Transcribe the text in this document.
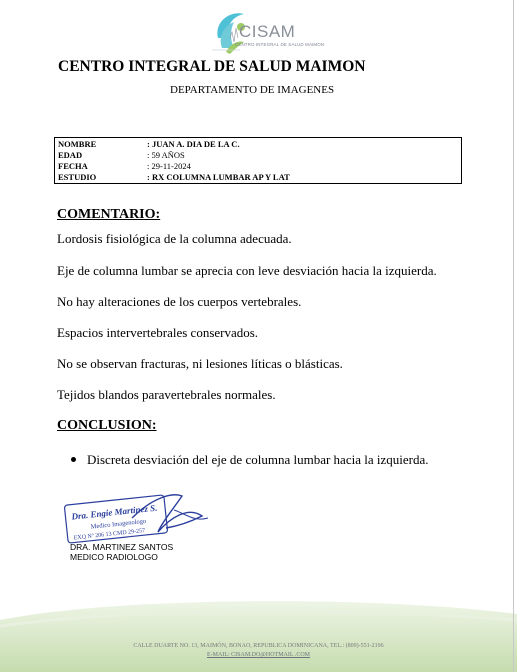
CISAM
CENTRO INTEGRAL DE SALUD MAIMON
CENTRO INTEGRAL DE SALUD MAIMON
DEPARTAMENTO DE IMAGENES
NOMBRE	: JUAN A. DIA DE LA C.
EDAD	: 59 AÑOS
FECHA	: 29-11-2024
ESTUDIO	: RX COLUMNA LUMBAR AP Y LAT
COMENTARIO:
Lordosis fisiológica de la columna adecuada.
Eje de columna lumbar se aprecia con leve desviación hacia la izquierda.
No hay alteraciones de los cuerpos vertebrales.
Espacios intervertebrales conservados.
No se observan fracturas, ni lesiones líticas o blásticas.
Tejidos blandos paravertebrales normales.
CONCLUSION:
Discreta desviación del eje de columna lumbar hacia la izquierda.
Dra. Engie Martinez S.
Medico Imagenologo
EXQ Nº 206 13 CMD 29-257
DRA. MARTINEZ SANTOS
MEDICO RADIOLOGO
CALLE DUARTE NO. 13, MAIMÓN, BONAO, REPUBLICA DOMINICANA, TEL.: (809)-551-2196
E-MAIL: CISAM.DO@HOTMAIL .COM
